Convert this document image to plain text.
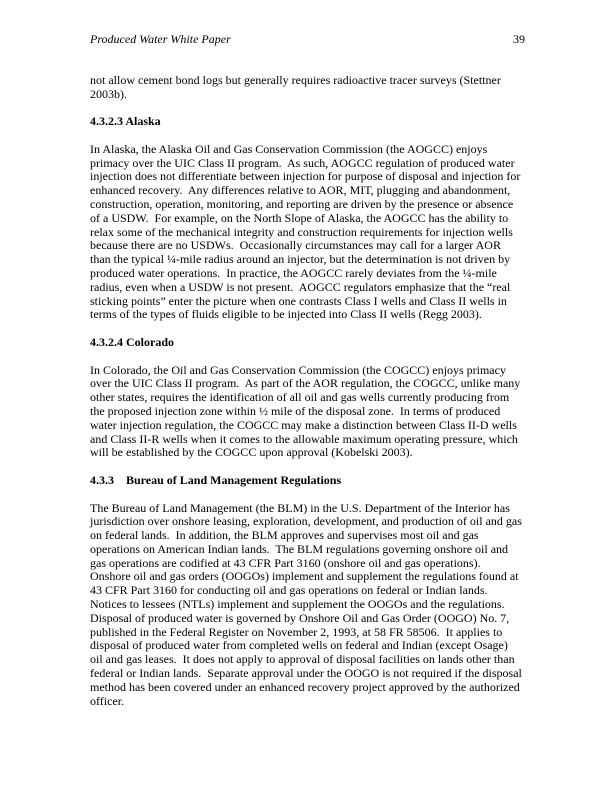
Produced Water White Paper	39
not allow cement bond logs but generally requires radioactive tracer surveys (Stettner
2003b).
4.3.2.3 Alaska
In Alaska, the Alaska Oil and Gas Conservation Commission (the AOGCC) enjoys
primacy over the UIC Class II program.  As such, AOGCC regulation of produced water
injection does not differentiate between injection for purpose of disposal and injection for
enhanced recovery.  Any differences relative to AOR, MIT, plugging and abandonment,
construction, operation, monitoring, and reporting are driven by the presence or absence
of a USDW.  For example, on the North Slope of Alaska, the AOGCC has the ability to
relax some of the mechanical integrity and construction requirements for injection wells
because there are no USDWs.  Occasionally circumstances may call for a larger AOR
than the typical ¼-mile radius around an injector, but the determination is not driven by
produced water operations.  In practice, the AOGCC rarely deviates from the ¼-mile
radius, even when a USDW is not present.  AOGCC regulators emphasize that the “real
sticking points” enter the picture when one contrasts Class I wells and Class II wells in
terms of the types of fluids eligible to be injected into Class II wells (Regg 2003).
4.3.2.4 Colorado
In Colorado, the Oil and Gas Conservation Commission (the COGCC) enjoys primacy
over the UIC Class II program.  As part of the AOR regulation, the COGCC, unlike many
other states, requires the identification of all oil and gas wells currently producing from
the proposed injection zone within ½ mile of the disposal zone.  In terms of produced
water injection regulation, the COGCC may make a distinction between Class II-D wells
and Class II-R wells when it comes to the allowable maximum operating pressure, which
will be established by the COGCC upon approval (Kobelski 2003).
4.3.3    Bureau of Land Management Regulations
The Bureau of Land Management (the BLM) in the U.S. Department of the Interior has
jurisdiction over onshore leasing, exploration, development, and production of oil and gas
on federal lands.  In addition, the BLM approves and supervises most oil and gas
operations on American Indian lands.  The BLM regulations governing onshore oil and
gas operations are codified at 43 CFR Part 3160 (onshore oil and gas operations).
Onshore oil and gas orders (OOGOs) implement and supplement the regulations found at
43 CFR Part 3160 for conducting oil and gas operations on federal or Indian lands.
Notices to lessees (NTLs) implement and supplement the OOGOs and the regulations.
Disposal of produced water is governed by Onshore Oil and Gas Order (OOGO) No. 7,
published in the Federal Register on November 2, 1993, at 58 FR 58506.  It applies to
disposal of produced water from completed wells on federal and Indian (except Osage)
oil and gas leases.  It does not apply to approval of disposal facilities on lands other than
federal or Indian lands.  Separate approval under the OOGO is not required if the disposal
method has been covered under an enhanced recovery project approved by the authorized
officer.
